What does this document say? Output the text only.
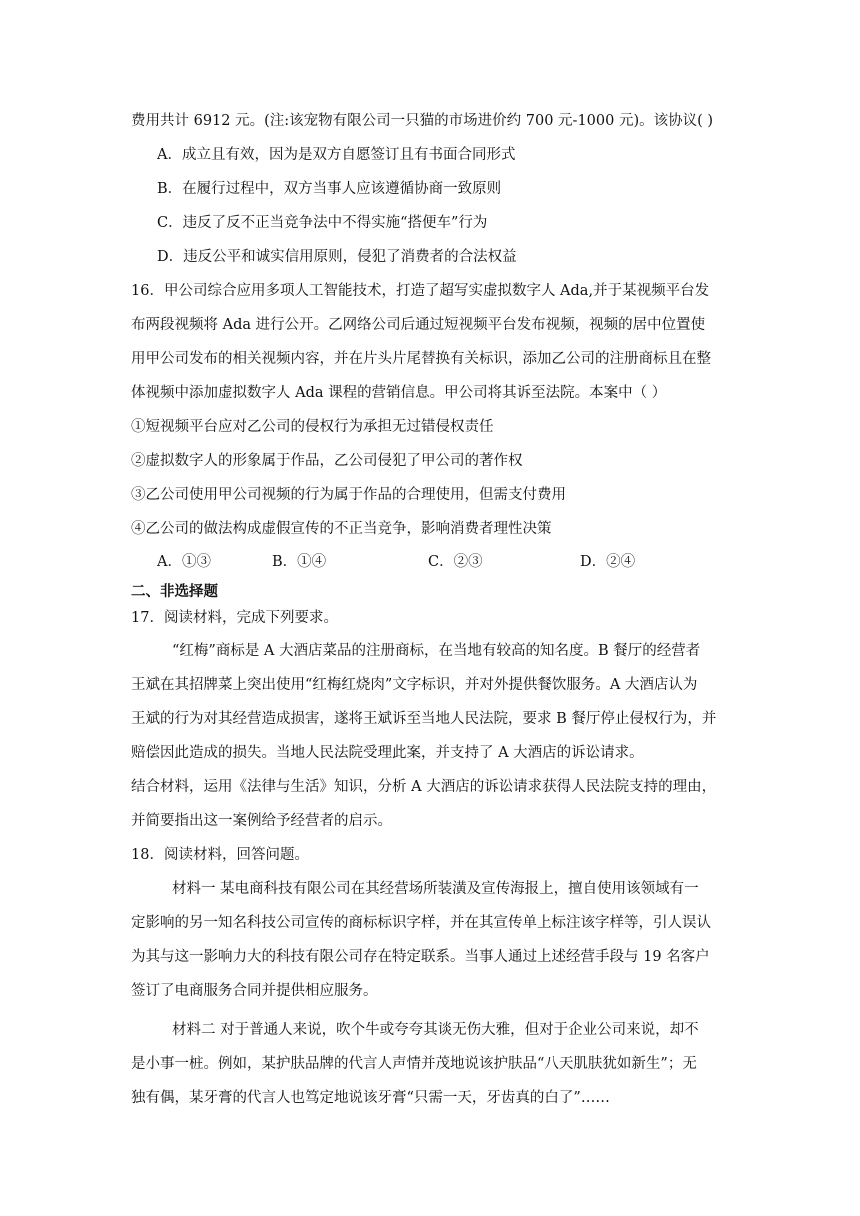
费用共计 6912 元。(注:该宠物有限公司一只猫的市场进价约 700 元-1000 元)。该协议( )
A．成立且有效，因为是双方自愿签订且有书面合同形式
B．在履行过程中，双方当事人应该遵循协商一致原则
C．违反了反不正当竞争法中不得实施“搭便车”行为
D．违反公平和诚实信用原则，侵犯了消费者的合法权益
16．甲公司综合应用多项人工智能技术，打造了超写实虚拟数字人 Ada,并于某视频平台发
布两段视频将 Ada 进行公开。乙网络公司后通过短视频平台发布视频，视频的居中位置使
用甲公司发布的相关视频内容，并在片头片尾替换有关标识，添加乙公司的注册商标且在整
体视频中添加虚拟数字人 Ada 课程的营销信息。甲公司将其诉至法院。本案中（ ）
①短视频平台应对乙公司的侵权行为承担无过错侵权责任
②虚拟数字人的形象属于作品，乙公司侵犯了甲公司的著作权
③乙公司使用甲公司视频的行为属于作品的合理使用，但需支付费用
④乙公司的做法构成虚假宣传的不正当竞争，影响消费者理性决策
A．①③	B．①④	C．②③	D．②④
二、非选择题
17．阅读材料，完成下列要求。
“红梅”商标是 A 大酒店菜品的注册商标，在当地有较高的知名度。B 餐厅的经营者
王斌在其招牌菜上突出使用“红梅红烧肉”文字标识，并对外提供餐饮服务。A 大酒店认为
王斌的行为对其经营造成损害，遂将王斌诉至当地人民法院，要求 B 餐厅停止侵权行为，并
赔偿因此造成的损失。当地人民法院受理此案，并支持了 A 大酒店的诉讼请求。
结合材料，运用《法律与生活》知识，分析 A 大酒店的诉讼请求获得人民法院支持的理由，
并简要指出这一案例给予经营者的启示。
18．阅读材料，回答问题。
材料一 某电商科技有限公司在其经营场所装潢及宣传海报上，擅自使用该领域有一
定影响的另一知名科技公司宣传的商标标识字样，并在其宣传单上标注该字样等，引人误认
为其与这一影响力大的科技有限公司存在特定联系。当事人通过上述经营手段与 19 名客户
签订了电商服务合同并提供相应服务。
材料二 对于普通人来说，吹个牛或夸夸其谈无伤大雅，但对于企业公司来说，却不
是小事一桩。例如，某护肤品牌的代言人声情并茂地说该护肤品“八天肌肤犹如新生”；无
独有偶，某牙膏的代言人也笃定地说该牙膏“只需一天，牙齿真的白了”……
